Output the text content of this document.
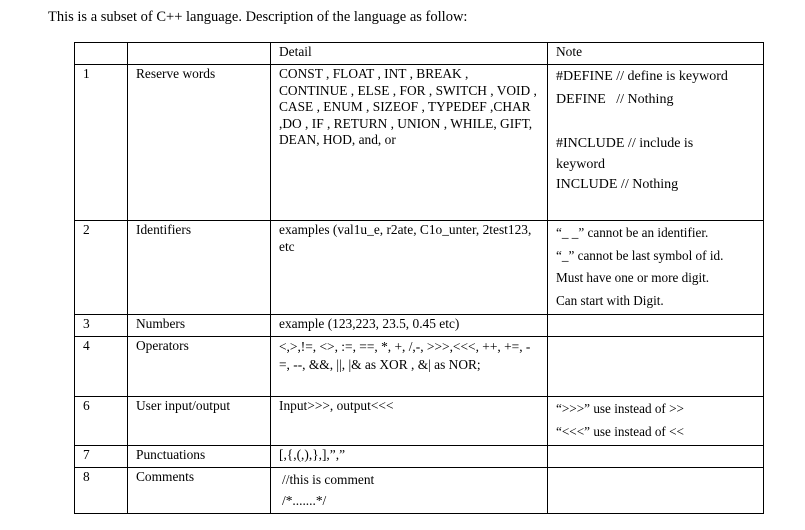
This is a subset of C++ language. Description of the language as follow:
		Detail	Note
1	Reserve words	CONST , FLOAT , INT , BREAK , CONTINUE , ELSE , FOR , SWITCH , VOID , CASE , ENUM , SIZEOF , TYPEDEF ,CHAR ,DO , IF , RETURN , UNION , WHILE, GIFT, DEAN, HOD, and, or	#DEFINE // define is keyword
DEFINE   // Nothing
#INCLUDE // include is
keyword
INCLUDE // Nothing

2	Identifiers	examples (val1u_e, r2ate, C1o_unter, 2test123, etc	“_ _” cannot be an identifier.
“_” cannot be last symbol of id.
Must have one or more digit.
Can start with Digit.

3	Numbers	example (123,223, 23.5, 0.45 etc)	
4	Operators	<,>,!=, <>, :=, ==, *, +, /,-, >>>,<<<, ++, +=, -=, --, &&, ||, |& as XOR , &| as NOR;	
6	User input/output	Input>>>, output<<<	“>>>” use instead of >>
“<<<” use instead of <<

7	Punctuations	[,{,(,),},],”,”	
8	Comments	//this is comment
/*.......*/	
